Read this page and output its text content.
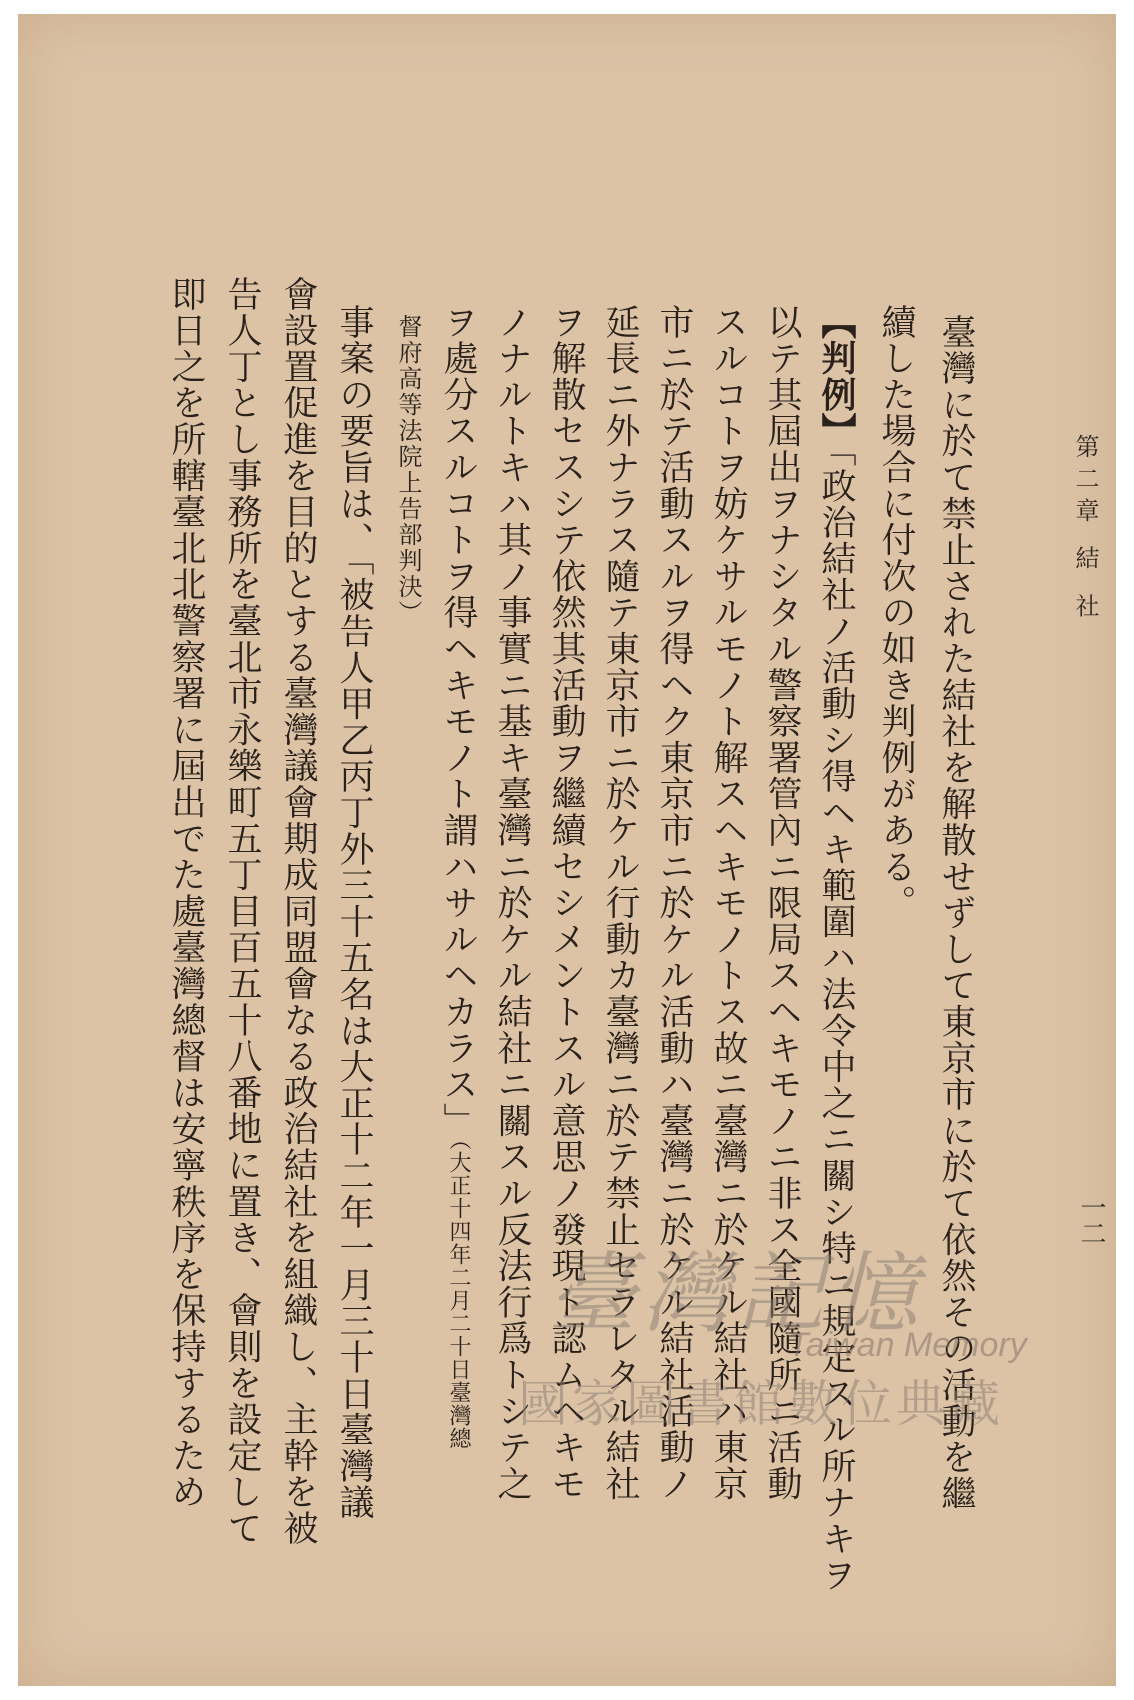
第二章 結 社
一二
臺灣に於て禁止された結社を解散せずして東京市に於て依然その活動を繼
續した場合に付次の如き判例がある。
【判例】「政治結社ノ活動シ得ヘキ範圍ハ法令中之ニ關シ特ニ規定スル所ナキヲ
以テ其屆出ヲナシタル警察署管內ニ限局スヘキモノニ非ス全國隨所ニ活動
スルコトヲ妨ケサルモノト解スヘキモノトス故ニ臺灣ニ於ケル結社ハ東京
市ニ於テ活動スルヲ得ヘク東京市ニ於ケル活動ハ臺灣ニ於ケル結社活動ノ
延長ニ外ナラス隨テ東京市ニ於ケル行動カ臺灣ニ於テ禁止セラレタル結社
ヲ解散セスシテ依然其活動ヲ繼續セシメントスル意思ノ發現ト認ムヘキモ
ノナルトキハ其ノ事實ニ基キ臺灣ニ於ケル結社ニ關スル反法行爲トシテ之
ヲ處分スルコトヲ得ヘキモノト謂ハサルヘカラス」（大正十四年二月二十日臺灣總
督府高等法院上告部判決）
事案の要旨は、「被告人甲乙丙丁外三十五名は大正十二年一月三十日臺灣議
會設置促進を目的とする臺灣議會期成同盟會なる政治結社を組織し、主幹を被
告人丁とし事務所を臺北市永樂町五丁目百五十八番地に置き、會則を設定して
即日之を所轄臺北北警察署に屆出でた處臺灣總督は安寧秩序を保持するため	臺灣記憶
Taiwan Memory
國家圖書館數位典藏
